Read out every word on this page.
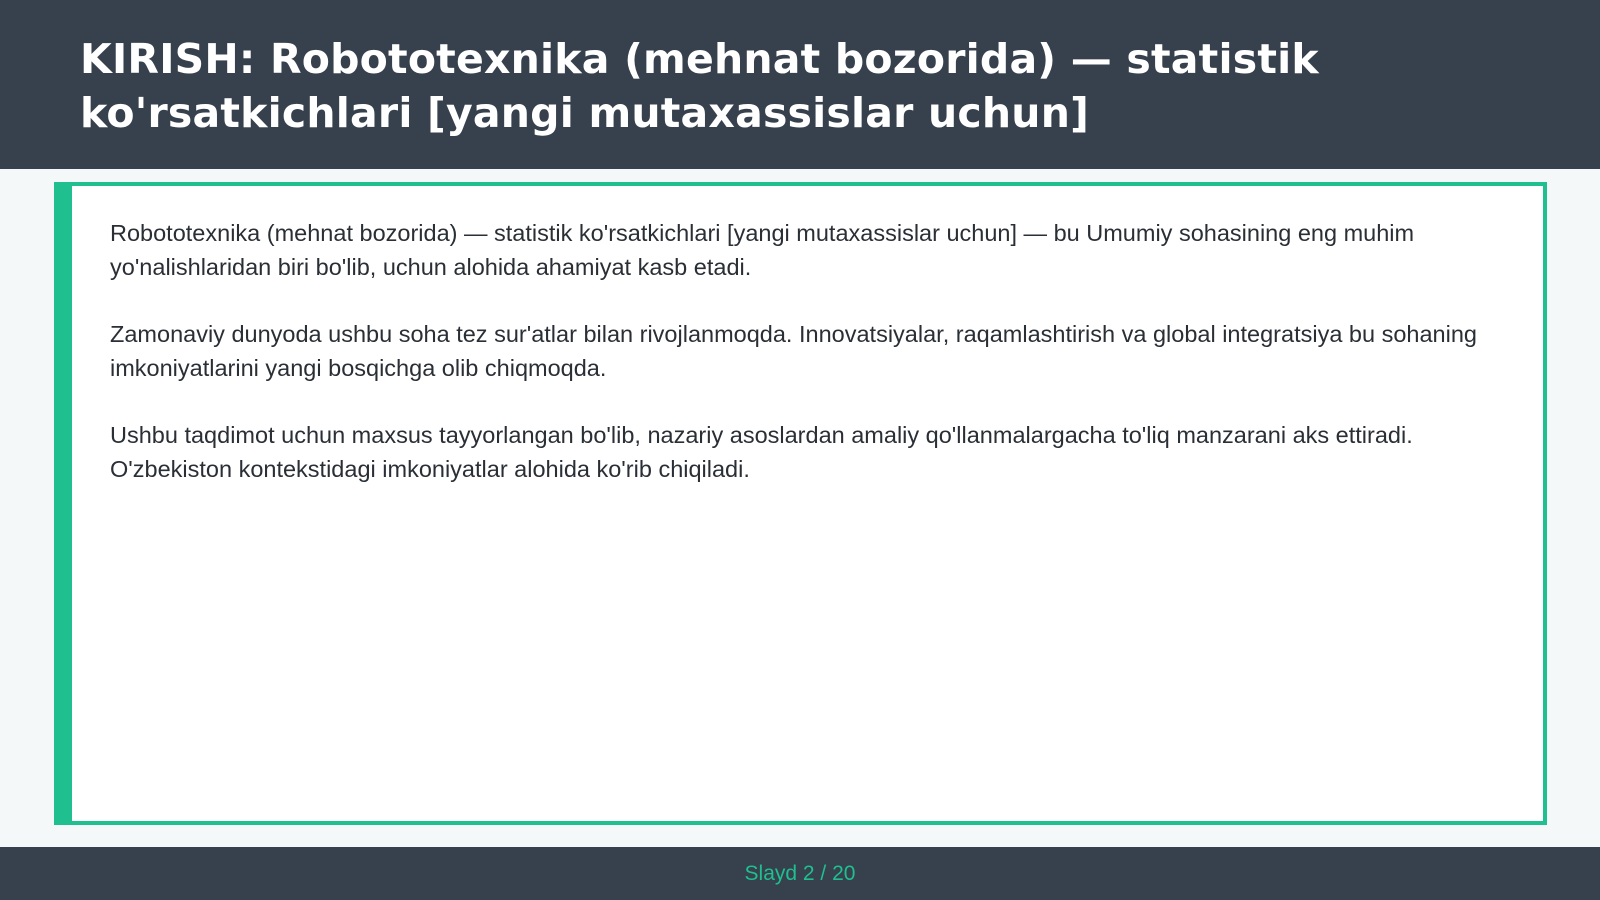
KIRISH: Robototexnika (mehnat bozorida) — statistik ko'rsatkichlari [yangi mutaxassislar uchun]

Robototexnika (mehnat bozorida) — statistik ko'rsatkichlari [yangi mutaxassislar uchun] — bu Umumiy sohasining eng muhim yo'nalishlaridan biri bo'lib, uchun alohida ahamiyat kasb etadi.

Zamonaviy dunyoda ushbu soha tez sur'atlar bilan rivojlanmoqda. Innovatsiyalar, raqamlashtirish va global integratsiya bu sohaning imkoniyatlarini yangi bosqichga olib chiqmoqda.

Ushbu taqdimot uchun maxsus tayyorlangan bo'lib, nazariy asoslardan amaliy qo'llanmalargacha to'liq manzarani aks ettiradi. O'zbekiston kontekstidagi imkoniyatlar alohida ko'rib chiqiladi.

Slayd 2 / 20
